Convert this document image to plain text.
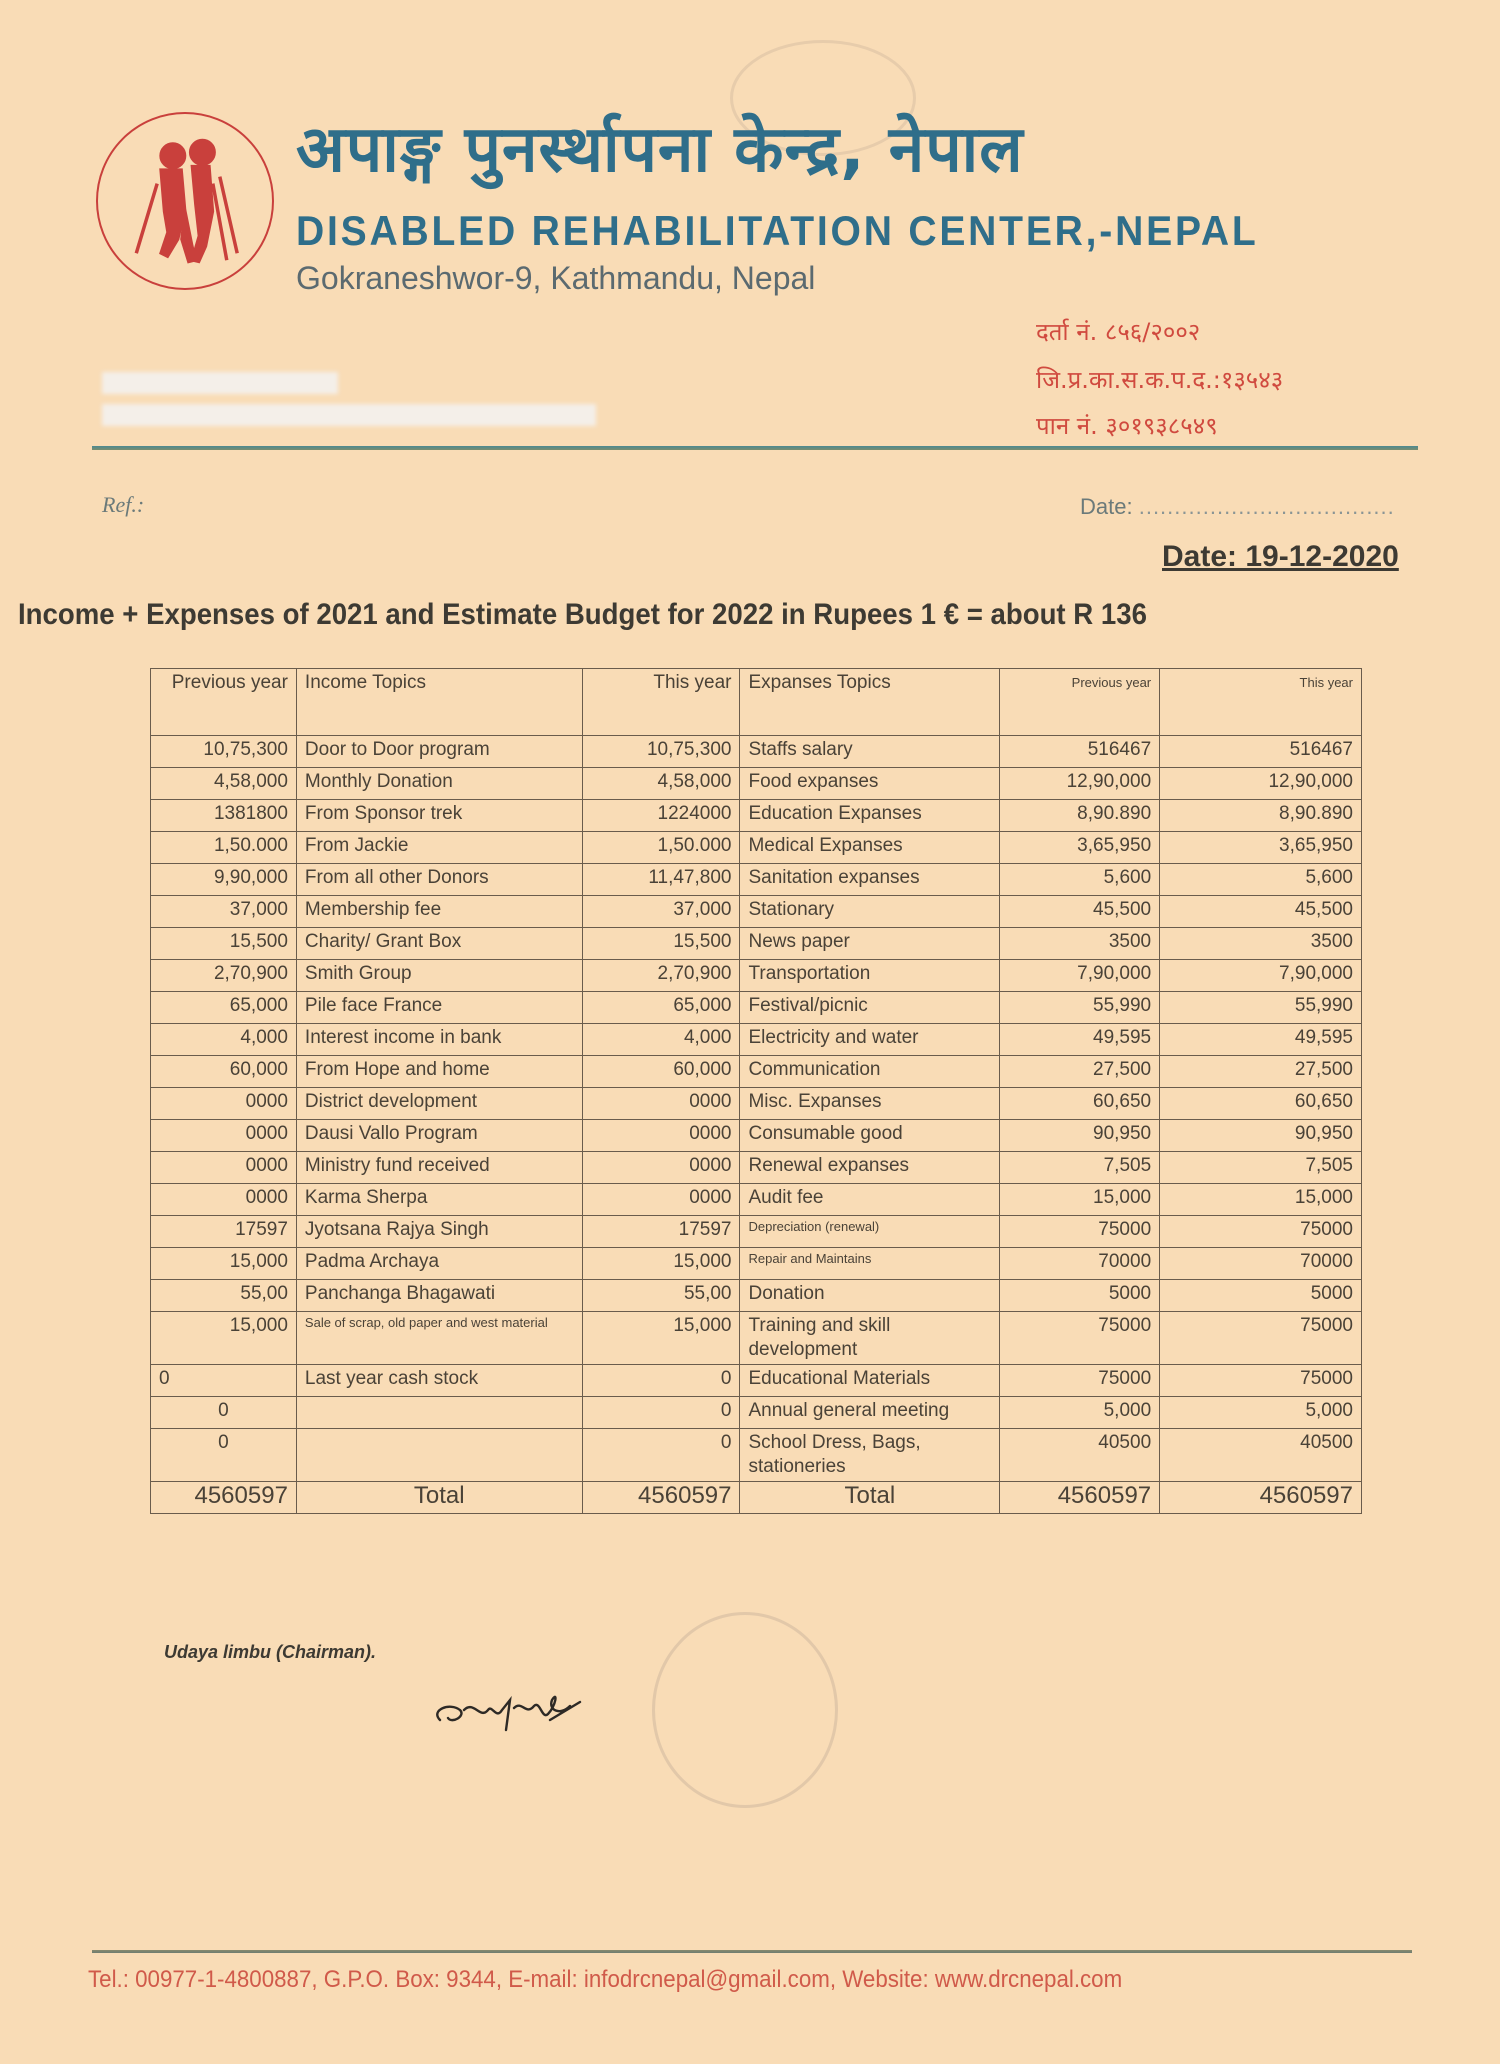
अपाङ्ग पुनर्स्थापना केन्द्र, नेपाल
DISABLED REHABILITATION CENTER,-NEPAL
Gokraneshwor-9, Kathmandu, Nepal
दर्ता नं. ८५६/२००२
जि.प्र.का.स.क.प.द.:१३५४३
पान नं. ३०१९३८५४९
Ref.:	Date: ....................................
Date: 19-12-2020
Income + Expenses of 2021 and Estimate Budget for 2022 in Rupees 1 € = about R 136
Previous year	Income Topics	This year	Expanses Topics	Previous year	This year
10,75,300	Door to Door program	10,75,300	Staffs salary	516467	516467
4,58,000	Monthly Donation	4,58,000	Food expanses	12,90,000	12,90,000
1381800	From Sponsor trek	1224000	Education Expanses	8,90.890	8,90.890
1,50.000	From Jackie	1,50.000	Medical Expanses	3,65,950	3,65,950
9,90,000	From all other Donors	11,47,800	Sanitation expanses	5,600	5,600
37,000	Membership fee	37,000	Stationary	45,500	45,500
15,500	Charity/ Grant Box	15,500	News paper	3500	3500
2,70,900	Smith Group	2,70,900	Transportation	7,90,000	7,90,000
65,000	Pile face France	65,000	Festival/picnic	55,990	55,990
4,000	Interest income in bank	4,000	Electricity and water	49,595	49,595
60,000	From Hope and home	60,000	Communication	27,500	27,500
0000	District development	0000	Misc. Expanses	60,650	60,650
0000	Dausi Vallo Program	0000	Consumable good	90,950	90,950
0000	Ministry fund received	0000	Renewal expanses	7,505	7,505
0000	Karma Sherpa	0000	Audit fee	15,000	15,000
17597	Jyotsana Rajya Singh	17597	Depreciation (renewal)	75000	75000
15,000	Padma Archaya	15,000	Repair and Maintains	70000	70000
55,00	Panchanga Bhagawati	55,00	Donation	5000	5000
15,000	Sale of scrap, old paper and west material	15,000	Training and skill development	75000	75000
0	Last year cash stock	0	Educational Materials	75000	75000
0		0	Annual general meeting	5,000	5,000
0		0	School Dress, Bags, stationeries	40500	40500
4560597	Total	4560597	Total	4560597	4560597
Udaya limbu (Chairman).
Tel.: 00977-1-4800887, G.P.O. Box: 9344, E-mail: infodrcnepal@gmail.com, Website: www.drcnepal.com
